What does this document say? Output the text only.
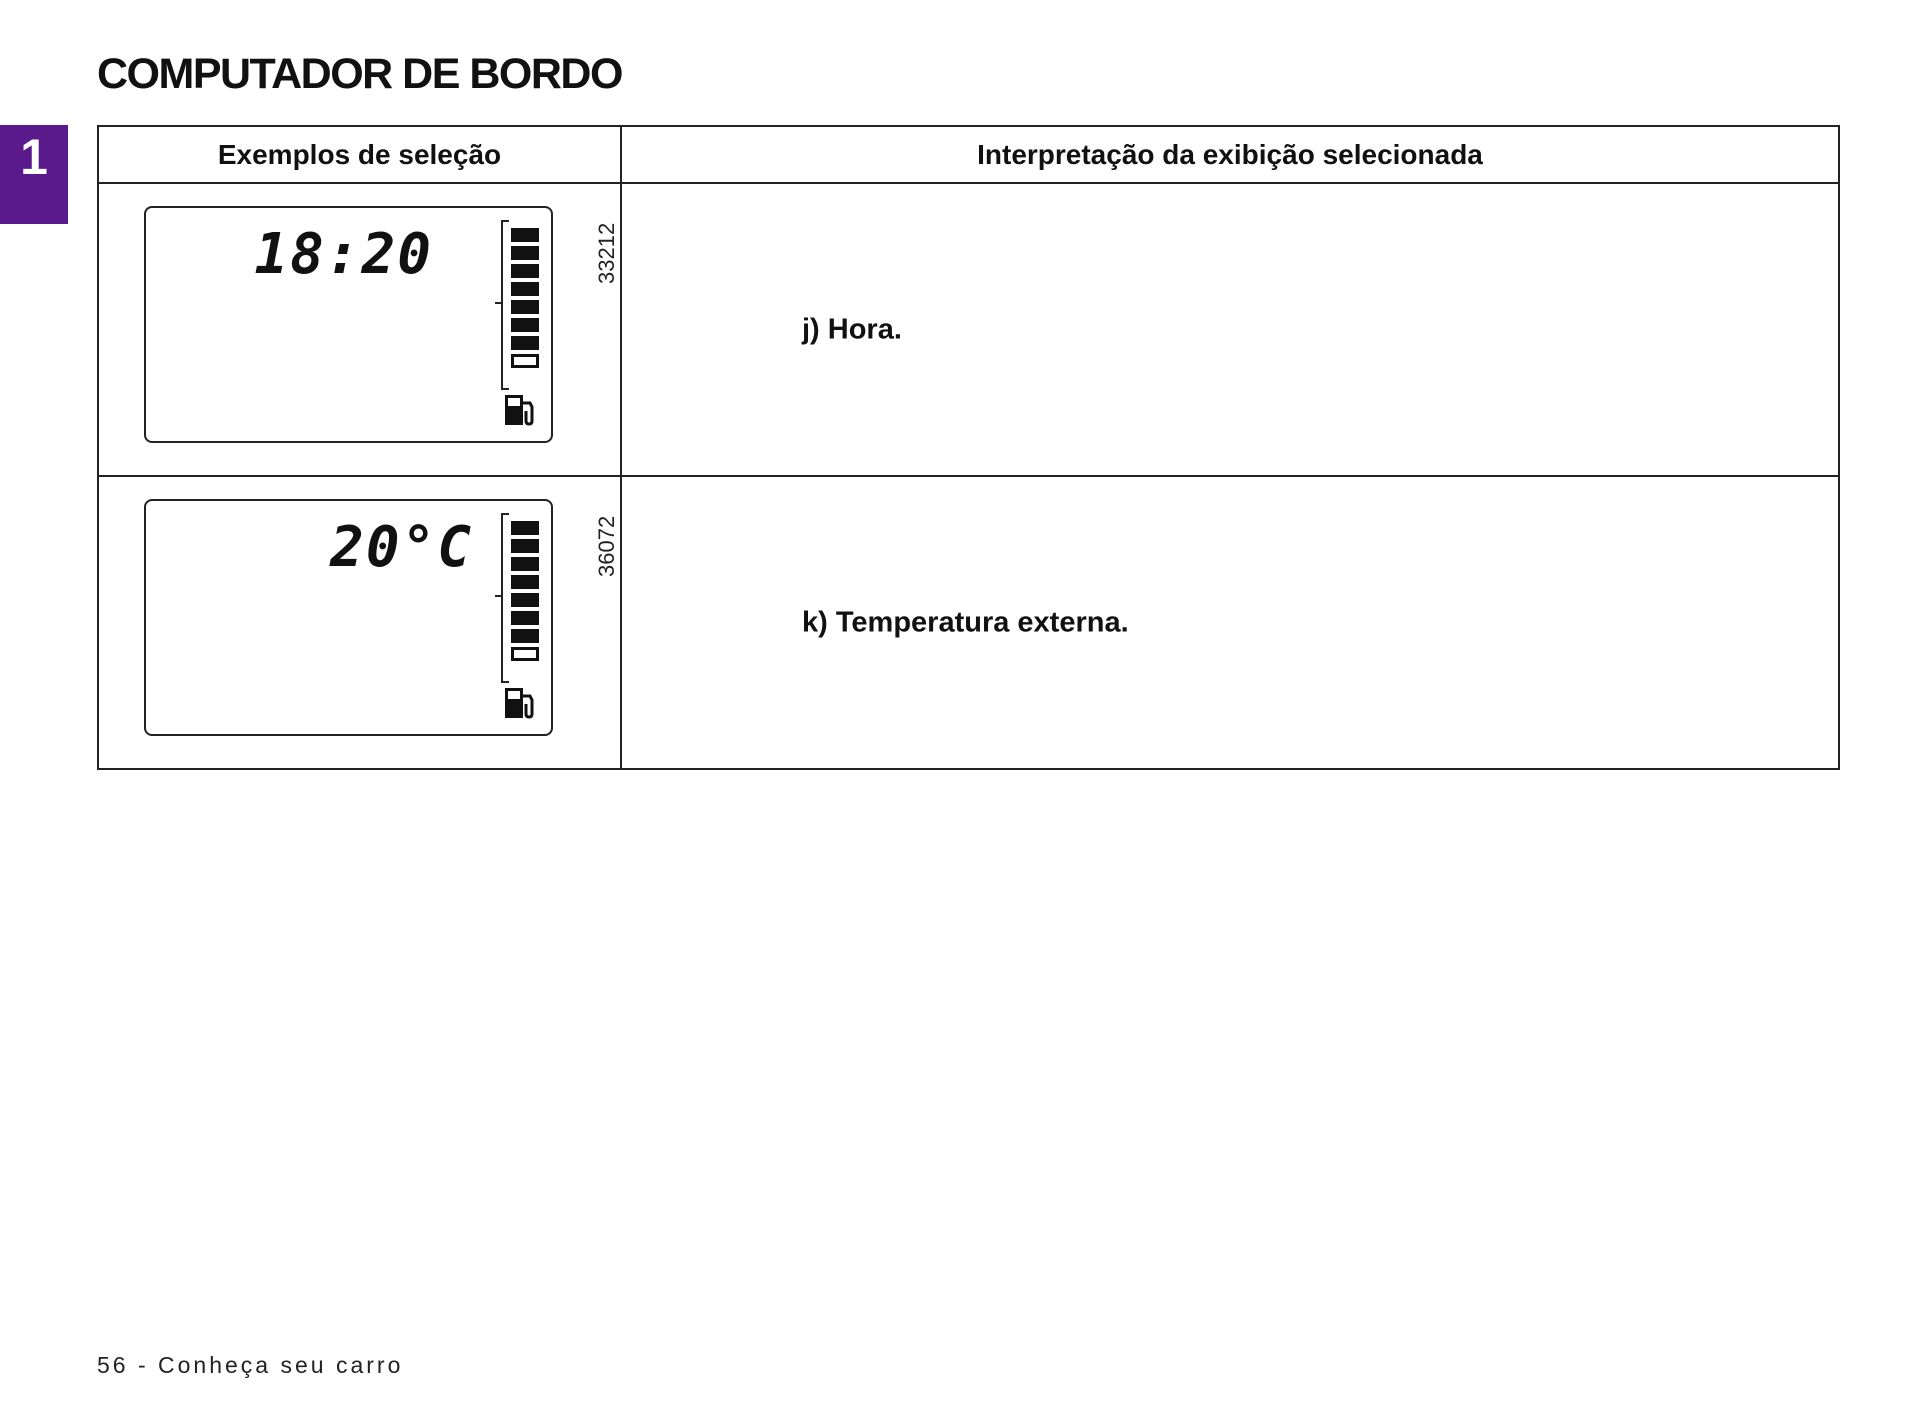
COMPUTADOR DE BORDO
1	Exemplos de seleção	Interpretação da exibição selecionada

18:20 33212	j) Hora.

20°C 36072	k) Temperatura externa.
56 - Conheça seu carro
